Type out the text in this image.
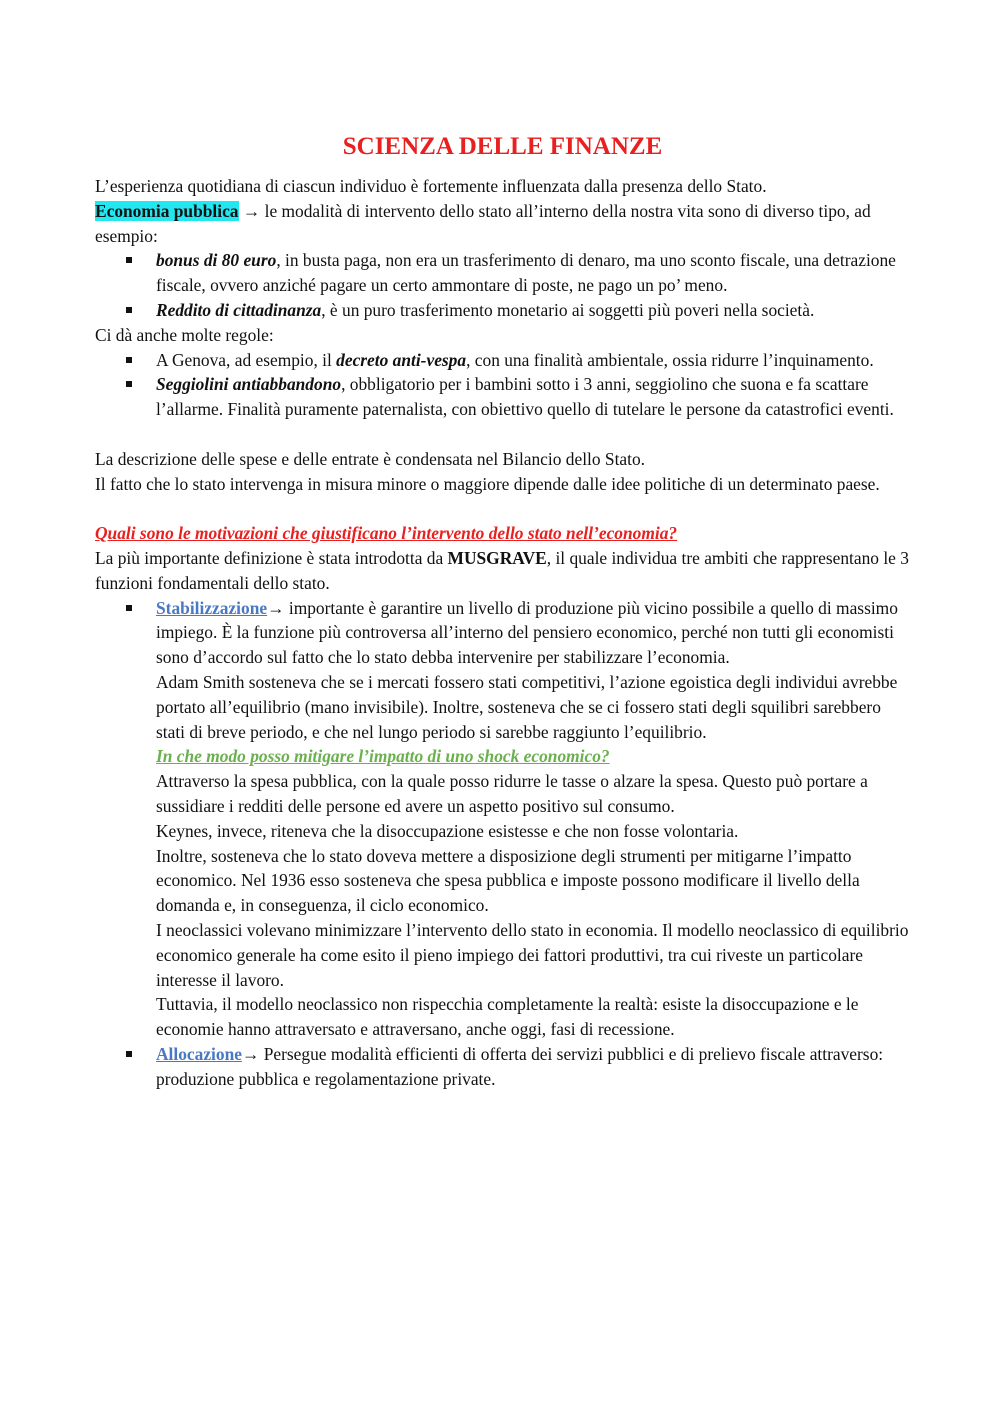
SCIENZA DELLE FINANZE

L’esperienza quotidiana di ciascun individuo è fortemente influenzata dalla presenza dello Stato.

Economia pubblica → le modalità di intervento dello stato all’interno della nostra vita sono di diverso tipo, ad esempio:

bonus di 80 euro, in busta paga, non era un trasferimento di denaro, ma uno sconto fiscale, una detrazione fiscale, ovvero anziché pagare un certo ammontare di poste, ne pago un po’ meno.
Reddito di cittadinanza, è un puro trasferimento monetario ai soggetti più poveri nella società.

Ci dà anche molte regole:

A Genova, ad esempio, il decreto anti-vespa, con una finalità ambientale, ossia ridurre l’inquinamento.
Seggiolini antiabbandono, obbligatorio per i bambini sotto i 3 anni, seggiolino che suona e fa scattare l’allarme. Finalità puramente paternalista, con obiettivo quello di tutelare le persone da catastrofici eventi.

La descrizione delle spese e delle entrate è condensata nel Bilancio dello Stato.

Il fatto che lo stato intervenga in misura minore o maggiore dipende dalle idee politiche di un determinato paese.

Quali sono le motivazioni che giustificano l’intervento dello stato nell’economia?

La più importante definizione è stata introdotta da MUSGRAVE, il quale individua tre ambiti che rappresentano le 3 funzioni fondamentali dello stato.

Stabilizzazione→ importante è garantire un livello di produzione più vicino possibile a quello di massimo impiego. È la funzione più controversa all’interno del pensiero economico, perché non tutti gli economisti sono d’accordo sul fatto che lo stato debba intervenire per stabilizzare l’economia.

Adam Smith sosteneva che se i mercati fossero stati competitivi, l’azione egoistica degli individui avrebbe portato all’equilibrio (mano invisibile). Inoltre, sosteneva che se ci fossero stati degli squilibri sarebbero stati di breve periodo, e che nel lungo periodo si sarebbe raggiunto l’equilibrio.

In che modo posso mitigare l’impatto di uno shock economico?

Attraverso la spesa pubblica, con la quale posso ridurre le tasse o alzare la spesa. Questo può portare a sussidiare i redditi delle persone ed avere un aspetto positivo sul consumo.

Keynes, invece, riteneva che la disoccupazione esistesse e che non fosse volontaria.

Inoltre, sosteneva che lo stato doveva mettere a disposizione degli strumenti per mitigarne l’impatto economico. Nel 1936 esso sosteneva che spesa pubblica e imposte possono modificare il livello della domanda e, in conseguenza, il ciclo economico.

I neoclassici volevano minimizzare l’intervento dello stato in economia. Il modello neoclassico di equilibrio economico generale ha come esito il pieno impiego dei fattori produttivi, tra cui riveste un particolare interesse il lavoro.

Tuttavia, il modello neoclassico non rispecchia completamente la realtà: esiste la disoccupazione e le economie hanno attraversato e attraversano, anche oggi, fasi di recessione.

Allocazione→ Persegue modalità efficienti di offerta dei servizi pubblici e di prelievo fiscale attraverso: produzione pubblica e regolamentazione private.
